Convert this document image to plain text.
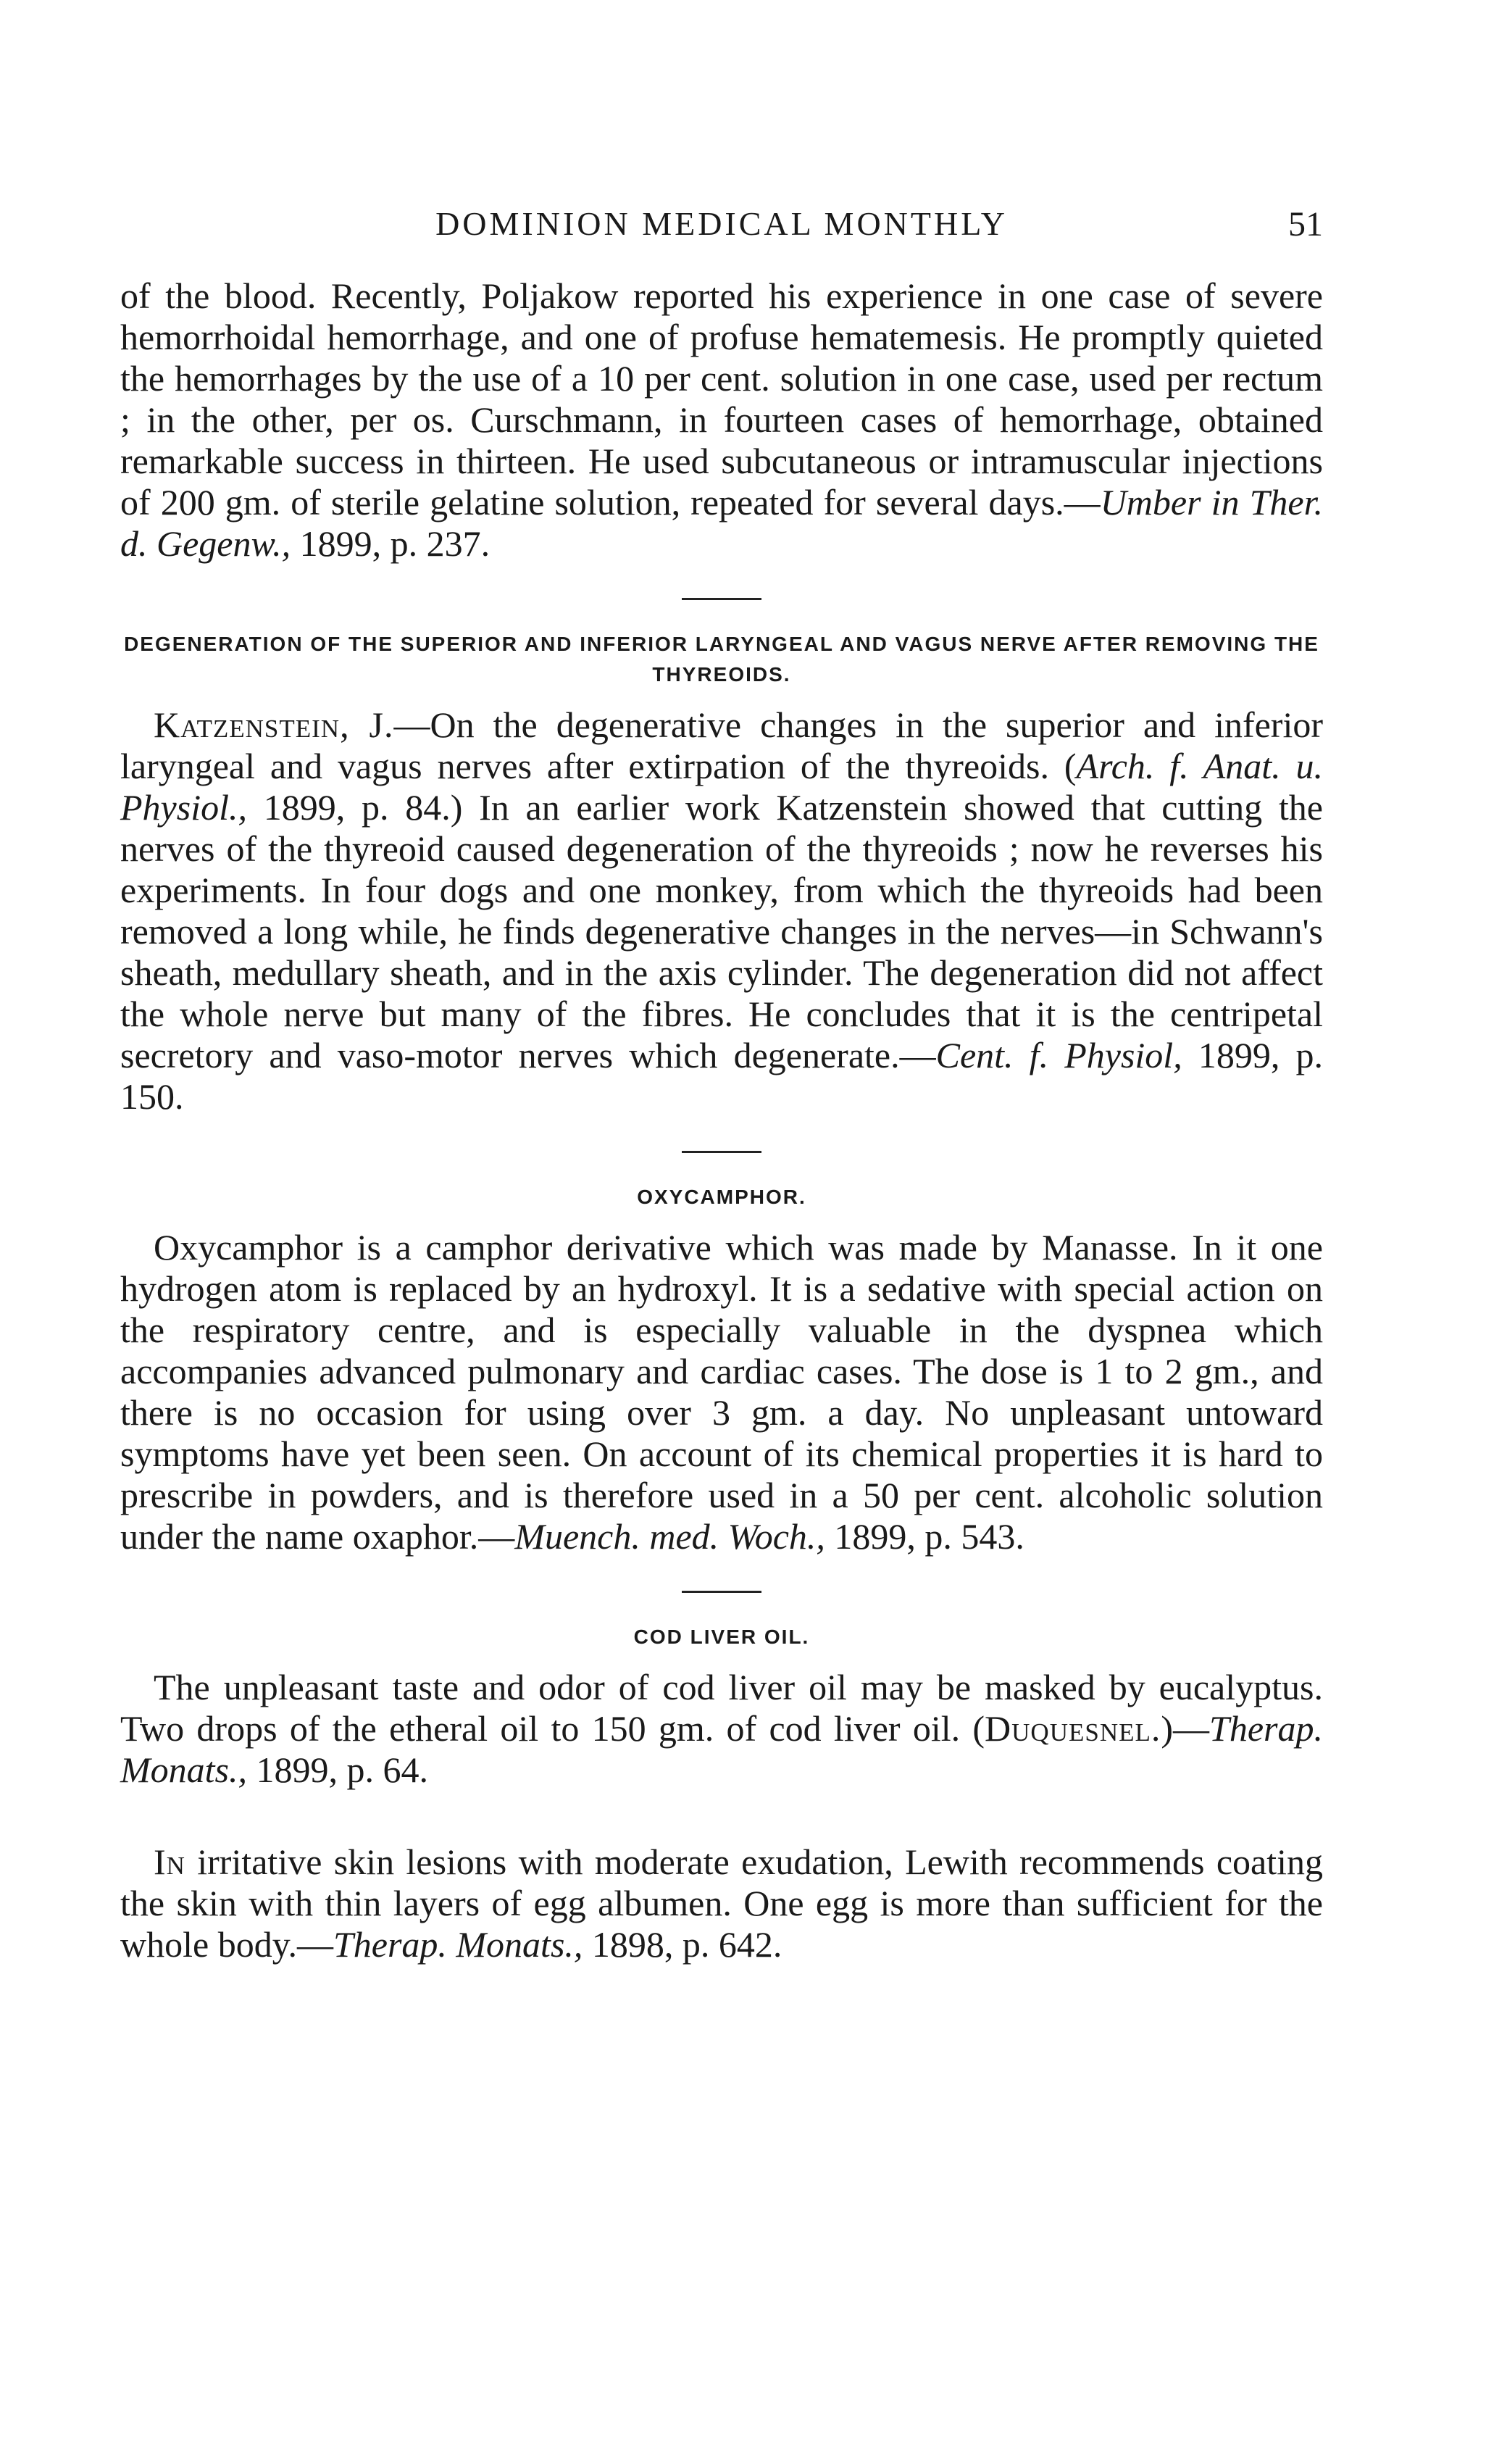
DOMINION MEDICAL MONTHLY	51

of the blood. Recently, Poljakow reported his experience in one case of severe hemorrhoidal hemorrhage, and one of profuse hematemesis. He promptly quieted the hemorrhages by the use of a 10 per cent. solution in one case, used per rectum ; in the other, per os. Curschmann, in fourteen cases of hemorrhage, obtained remarkable success in thirteen. He used subcutaneous or intramuscular injections of 200 gm. of sterile gelatine solution, repeated for several days.—Umber in Ther. d. Gegenw., 1899, p. 237.

DEGENERATION OF THE SUPERIOR AND INFERIOR LARYNGEAL AND VAGUS NERVE AFTER REMOVING THE THYREOIDS.

Katzenstein, J.—On the degenerative changes in the superior and inferior laryngeal and vagus nerves after extirpation of the thyreoids. (Arch. f. Anat. u. Physiol., 1899, p. 84.) In an earlier work Katzenstein showed that cutting the nerves of the thyreoid caused degeneration of the thyreoids ; now he reverses his experiments. In four dogs and one monkey, from which the thyreoids had been removed a long while, he finds degenerative changes in the nerves—in Schwann's sheath, medullary sheath, and in the axis cylinder. The degeneration did not affect the whole nerve but many of the fibres. He concludes that it is the centripetal secretory and vaso-motor nerves which degenerate.—Cent. f. Physiol, 1899, p. 150.

OXYCAMPHOR.

Oxycamphor is a camphor derivative which was made by Manasse. In it one hydrogen atom is replaced by an hydroxyl. It is a sedative with special action on the respiratory centre, and is especially valuable in the dyspnea which accompanies advanced pulmonary and cardiac cases. The dose is 1 to 2 gm., and there is no occasion for using over 3 gm. a day. No unpleasant untoward symptoms have yet been seen. On account of its chemical properties it is hard to prescribe in powders, and is therefore used in a 50 per cent. alcoholic solution under the name oxaphor.—Muench. med. Woch., 1899, p. 543.

COD LIVER OIL.

The unpleasant taste and odor of cod liver oil may be masked by eucalyptus. Two drops of the etheral oil to 150 gm. of cod liver oil. (Duquesnel.)—Therap. Monats., 1899, p. 64.

In irritative skin lesions with moderate exudation, Lewith recommends coating the skin with thin layers of egg albumen. One egg is more than sufficient for the whole body.—Therap. Monats., 1898, p. 642.
